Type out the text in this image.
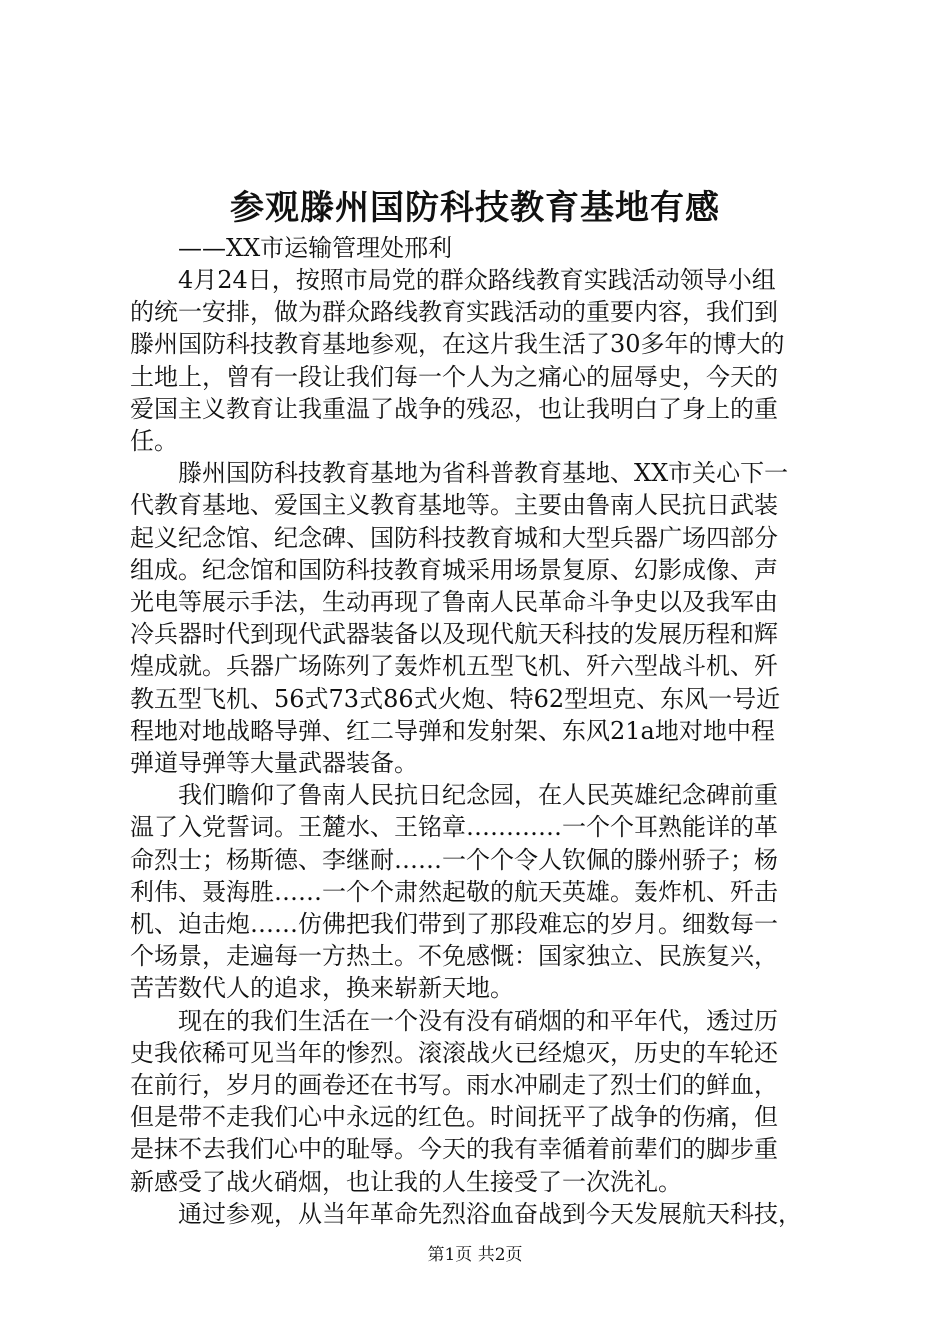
参观滕州国防科技教育基地有感

——XX市运输管理处邢利

　　4月24日，按照市局党的群众路线教育实践活动领导小组

的统一安排，做为群众路线教育实践活动的重要内容，我们到

滕州国防科技教育基地参观，在这片我生活了30多年的博大的

土地上，曾有一段让我们每一个人为之痛心的屈辱史，今天的

爱国主义教育让我重温了战争的残忍，也让我明白了身上的重

任。

　　滕州国防科技教育基地为省科普教育基地、XX市关心下一

代教育基地、爱国主义教育基地等。主要由鲁南人民抗日武装

起义纪念馆、纪念碑、国防科技教育城和大型兵器广场四部分

组成。纪念馆和国防科技教育城采用场景复原、幻影成像、声

光电等展示手法，生动再现了鲁南人民革命斗争史以及我军由

冷兵器时代到现代武器装备以及现代航天科技的发展历程和辉

煌成就。兵器广场陈列了轰炸机五型飞机、歼六型战斗机、歼

教五型飞机、56式73式86式火炮、特62型坦克、东风一号近

程地对地战略导弹、红二导弹和发射架、东风21a地对地中程

弹道导弹等大量武器装备。

　　我们瞻仰了鲁南人民抗日纪念园，在人民英雄纪念碑前重

温了入党誓词。王麓水、王铭章…………一个个耳熟能详的革

命烈士；杨斯德、李继耐……一个个令人钦佩的滕州骄子；杨

利伟、聂海胜……一个个肃然起敬的航天英雄。轰炸机、歼击

机、迫击炮……仿佛把我们带到了那段难忘的岁月。细数每一

个场景，走遍每一方热土。不免感慨：国家独立、民族复兴，

苦苦数代人的追求，换来崭新天地。

　　现在的我们生活在一个没有没有硝烟的和平年代，透过历

史我依稀可见当年的惨烈。滚滚战火已经熄灭，历史的车轮还

在前行，岁月的画卷还在书写。雨水冲刷走了烈士们的鲜血，

但是带不走我们心中永远的红色。时间抚平了战争的伤痛，但

是抹不去我们心中的耻辱。今天的我有幸循着前辈们的脚步重

新感受了战火硝烟，也让我的人生接受了一次洗礼。

　　通过参观，从当年革命先烈浴血奋战到今天发展航天科技，

第1页 共2页
